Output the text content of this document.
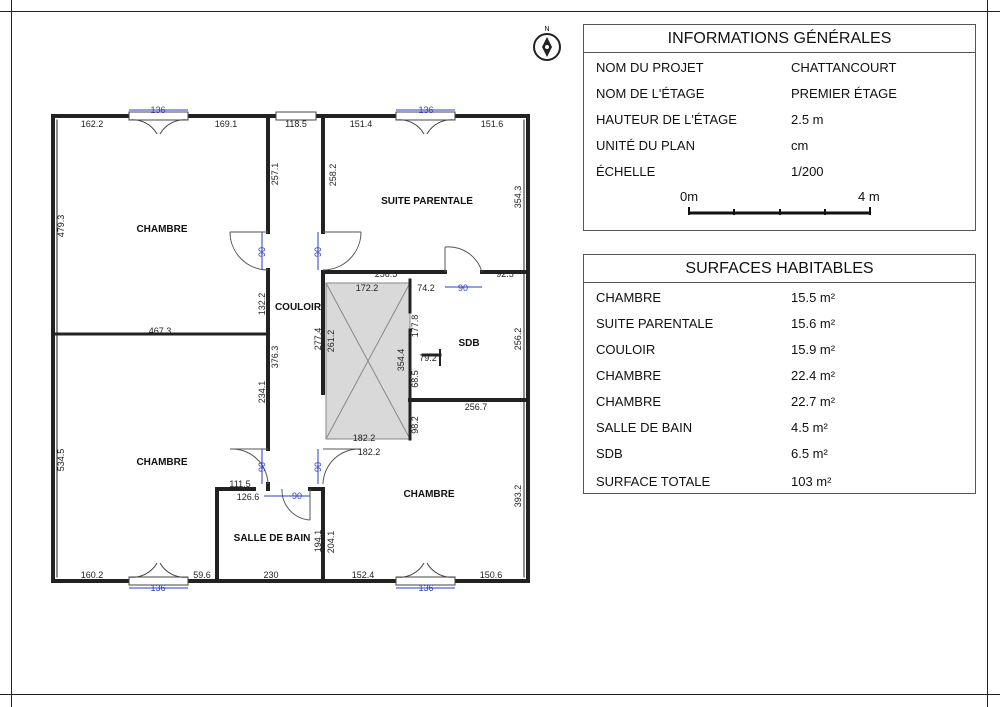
CHAMBRE
SUITE PARENTALE
COULOIR
SDB
CHAMBRE
SALLE DE BAIN
CHAMBRE
136	136
136	136
162.2	169.1	118.5	151.4	151.6
479.3
257.1	258.2
354.3
90	90
90
90	90
90
256.5	92.5
172.2	74.2
132.2
467.3	277.4 261.2
177.8
354.4 79.2
256.2
68.5
376.3
234.1
256.7
98.2
182.2
182.2
534.5
111.5
126.6	393.2
194.1 204.1
160.2	59.6	230	152.4	150.6
N
INFORMATIONS GÉNÉRALES
NOM DU PROJET	CHATTANCOURT
NOM DE L'ÉTAGE	PREMIER ÉTAGE
HAUTEUR DE L'ÉTAGE	2.5 m
UNITÉ DU PLAN	cm
ÉCHELLE	1/200
0m	4 m
SURFACES HABITABLES
CHAMBRE	15.5 m²
SUITE PARENTALE	15.6 m²
COULOIR	15.9 m²
CHAMBRE	22.4 m²
CHAMBRE	22.7 m²
SALLE DE BAIN	4.5 m²
SDB	6.5 m²
SURFACE TOTALE	103 m²
